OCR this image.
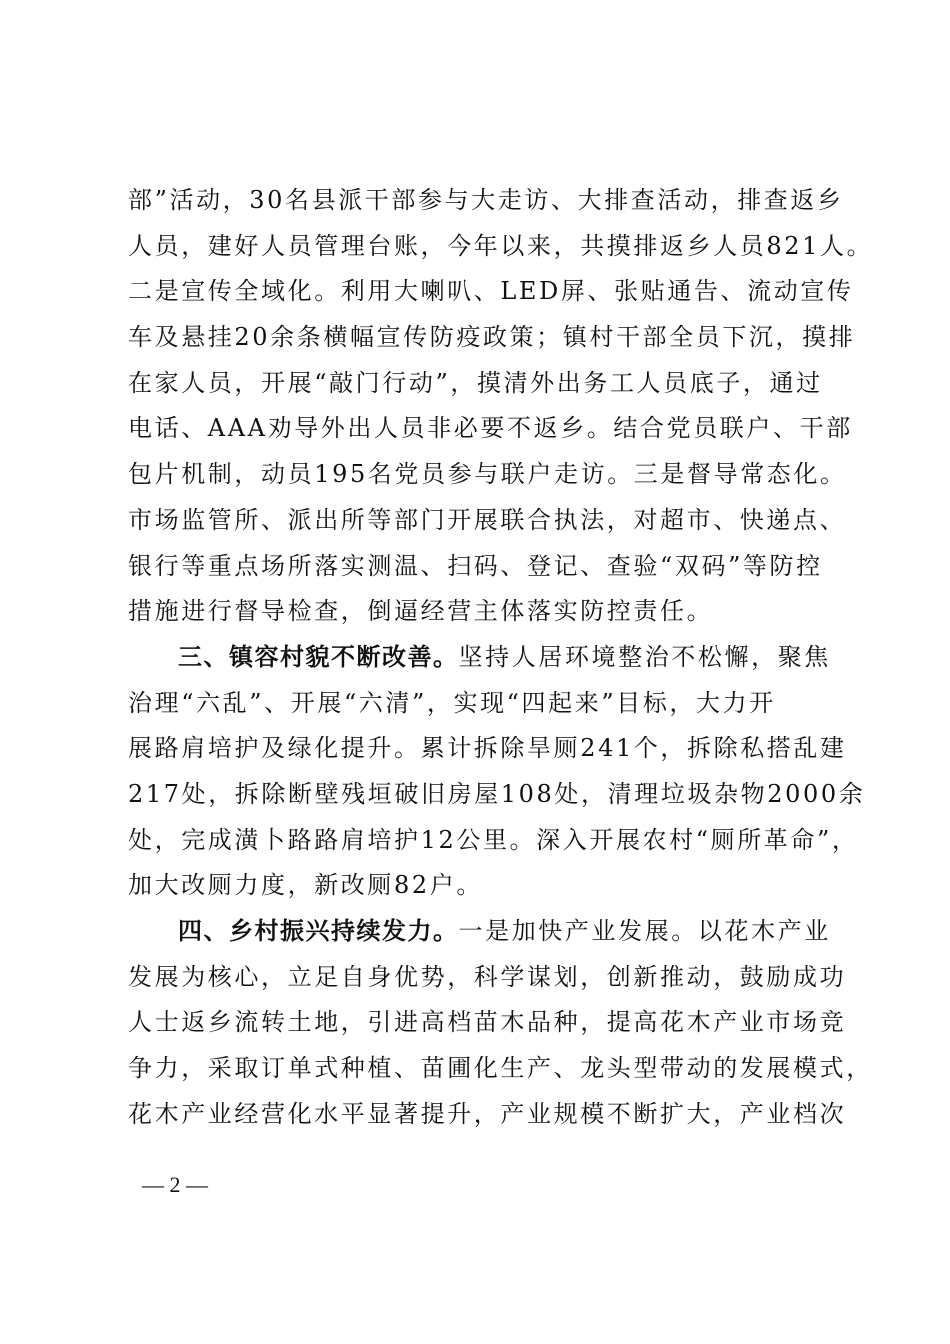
部”活动，30名县派干部参与大走访、大排查活动，排查返乡
人员，建好人员管理台账，今年以来，共摸排返乡人员821人。
二是宣传全域化。利用大喇叭、LED屏、张贴通告、流动宣传
车及悬挂20余条横幅宣传防疫政策；镇村干部全员下沉，摸排
在家人员，开展“敲门行动”，摸清外出务工人员底子，通过
电话、AAA劝导外出人员非必要不返乡。结合党员联户、干部
包片机制，动员195名党员参与联户走访。三是督导常态化。
市场监管所、派出所等部门开展联合执法，对超市、快递点、
银行等重点场所落实测温、扫码、登记、查验“双码”等防控
措施进行督导检查，倒逼经营主体落实防控责任。
三、镇容村貌不断改善。坚持人居环境整治不松懈，聚焦
治理“六乱”、开展“六清”，实现“四起来”目标，大力开
展路肩培护及绿化提升。累计拆除旱厕241个，拆除私搭乱建
217处，拆除断壁残垣破旧房屋108处，清理垃圾杂物2000余
处，完成潢卜路路肩培护12公里。深入开展农村“厕所革命”，
加大改厕力度，新改厕82户。
四、乡村振兴持续发力。一是加快产业发展。以花木产业
发展为核心，立足自身优势，科学谋划，创新推动，鼓励成功
人士返乡流转土地，引进高档苗木品种，提高花木产业市场竞
争力，采取订单式种植、苗圃化生产、龙头型带动的发展模式，
花木产业经营化水平显著提升，产业规模不断扩大，产业档次
— 2 —
